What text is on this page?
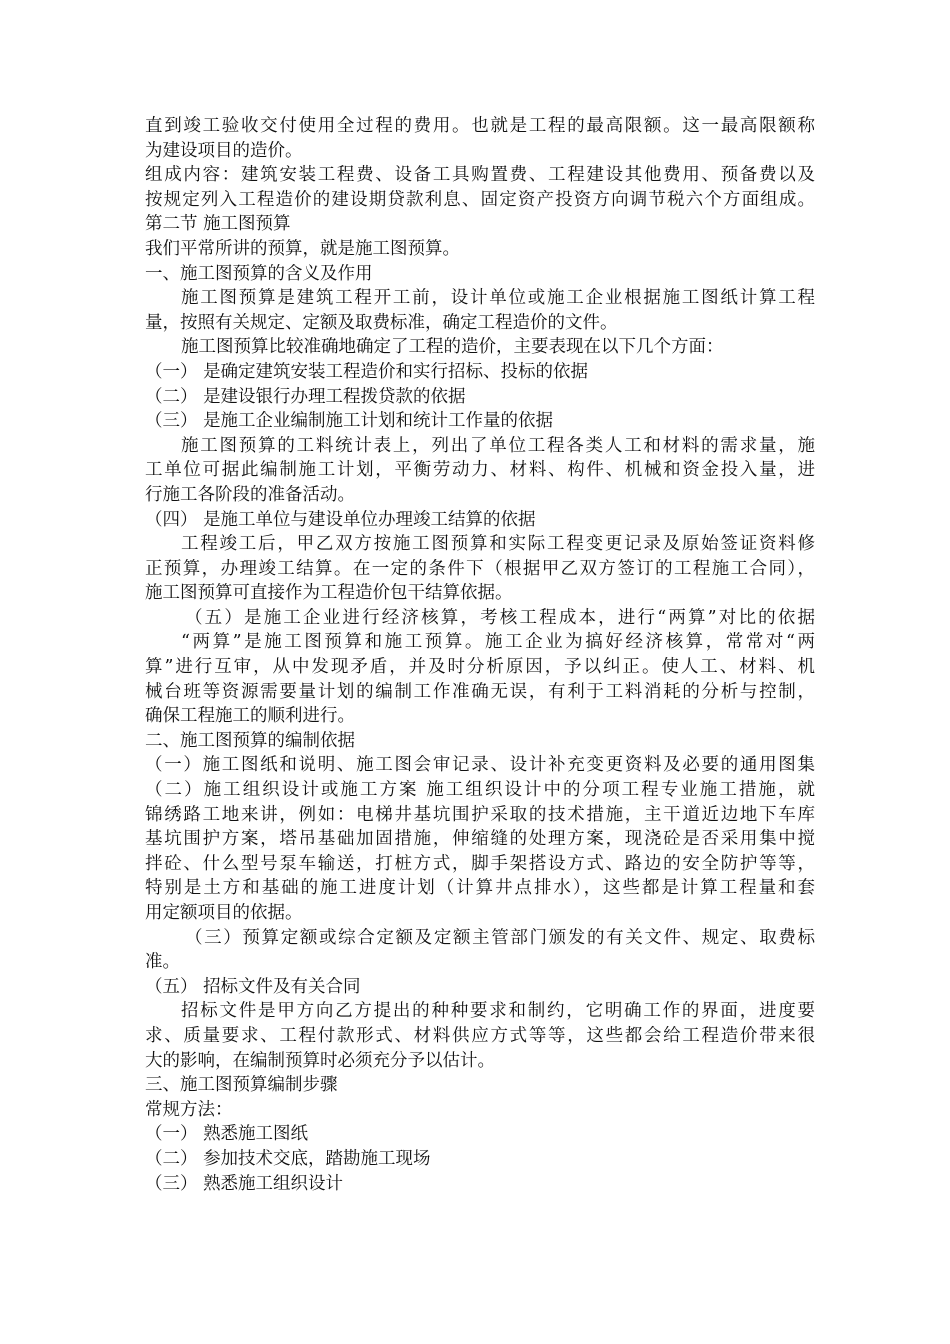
直到竣工验收交付使用全过程的费用。也就是工程的最高限额。这一最高限额称
为建设项目的造价。
组成内容：建筑安装工程费、设备工具购置费、工程建设其他费用、预备费以及
按规定列入工程造价的建设期贷款利息、固定资产投资方向调节税六个方面组成。
第二节 施工图预算
我们平常所讲的预算，就是施工图预算。
一、施工图预算的含义及作用
施工图预算是建筑工程开工前，设计单位或施工企业根据施工图纸计算工程
量，按照有关规定、定额及取费标准，确定工程造价的文件。
施工图预算比较准确地确定了工程的造价，主要表现在以下几个方面：
（一） 是确定建筑安装工程造价和实行招标、投标的依据
（二） 是建设银行办理工程拨贷款的依据
（三） 是施工企业编制施工计划和统计工作量的依据
施工图预算的工料统计表上，列出了单位工程各类人工和材料的需求量，施
工单位可据此编制施工计划，平衡劳动力、材料、构件、机械和资金投入量，进
行施工各阶段的准备活动。
（四） 是施工单位与建设单位办理竣工结算的依据
工程竣工后，甲乙双方按施工图预算和实际工程变更记录及原始签证资料修
正预算，办理竣工结算。在一定的条件下（根据甲乙双方签订的工程施工合同），
施工图预算可直接作为工程造价包干结算依据。
（五）是施工企业进行经济核算，考核工程成本，进行“两算”对比的依据
“两算”是施工图预算和施工预算。施工企业为搞好经济核算，常常对“两
算”进行互审，从中发现矛盾，并及时分析原因，予以纠正。使人工、材料、机
械台班等资源需要量计划的编制工作准确无误，有利于工料消耗的分析与控制，
确保工程施工的顺利进行。
二、施工图预算的编制依据
（一）施工图纸和说明、施工图会审记录、设计补充变更资料及必要的通用图集
（二）施工组织设计或施工方案 施工组织设计中的分项工程专业施工措施，就
锦绣路工地来讲，例如：电梯井基坑围护采取的技术措施，主干道近边地下车库
基坑围护方案，塔吊基础加固措施，伸缩缝的处理方案，现浇砼是否采用集中搅
拌砼、什么型号泵车输送，打桩方式，脚手架搭设方式、路边的安全防护等等，
特别是土方和基础的施工进度计划（计算井点排水），这些都是计算工程量和套
用定额项目的依据。
（三）预算定额或综合定额及定额主管部门颁发的有关文件、规定、取费标
准。
（五） 招标文件及有关合同
招标文件是甲方向乙方提出的种种要求和制约，它明确工作的界面，进度要
求、质量要求、工程付款形式、材料供应方式等等，这些都会给工程造价带来很
大的影响，在编制预算时必须充分予以估计。
三、施工图预算编制步骤
常规方法：
（一） 熟悉施工图纸
（二） 参加技术交底，踏勘施工现场
（三） 熟悉施工组织设计
